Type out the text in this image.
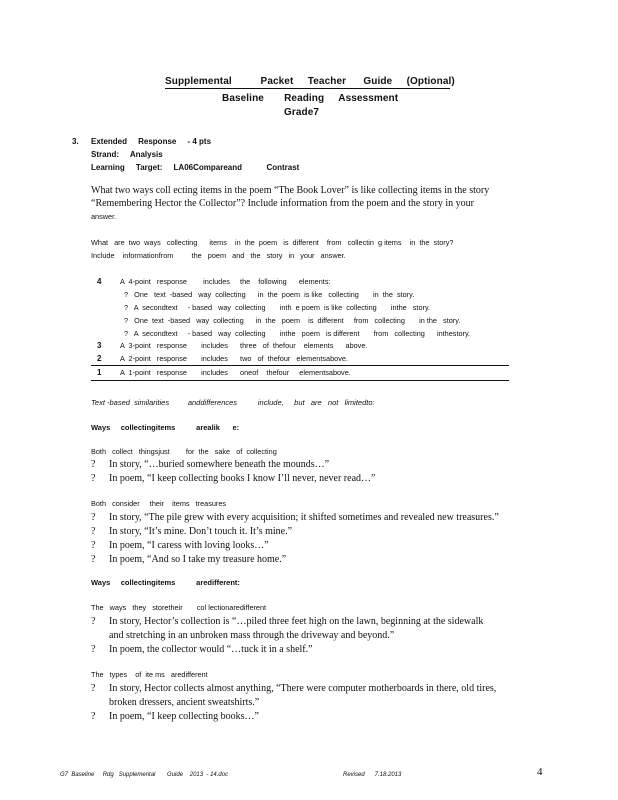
Supplemental          Packet     Teacher      Guide     (Optional)
Baseline       Reading     Assessment
Grade7
3. Extended     Response     - 4 pts
Strand:     Analysis
Learning     Target:     LA06Compareand           Contrast
What two ways coll ecting items in the poem “The Book Lover” is like collecting items in the story
“Remembering Hector the Collector”? Include information from the poem and the story in your
answer.
What   are  two  ways   collecting      items    in  the  poem   is  different    from   collectin  g items    in  the  story?
Include    informationfrom         the   poem   and   the   story   in   your   answer.
4	A  4-point   response        includes     the    following      elements:
?   One   text  -based   way  collecting      in  the  poem  is like   collecting       in  the  story.
?   A  secondtext     - based   way  collecting       inth  e poem  is like  collecting       inthe   story.
?   One  text  -based   way  collecting      in  the   poem    is  different     from   collecting       in the   story.
?   A  secondtext     - based   way  collecting       inthe   poem   is different       from   collecting      inthestory.
3	A  3-point   response       includes      three   of  thefour    elements      above.
2	A  2-point   response       includes      two   of  thefour   elementsabove.
1	A  1-point   response       includes      oneof    thefour     elementsabove.
Text -based  similarities         anddifferences          include,     but   are   not   limitedto:
Ways     collectingitems          arealik      e:
Both   collect   thingsjust        for  the   sake   of  collecting
? In story, “…buried somewhere beneath the mounds…”
? In poem, “I keep collecting books I know I’ll never, never read…”
Both   consider     their    items   treasures
? In story, “The pile grew with every acquisition; it shifted sometimes and revealed new treasures.”
? In story, “It’s mine. Don’t touch it. It’s mine.”
? In poem, “I caress with loving looks…”
? In poem, “And so I take my treasure home.”
Ways     collectingitems          aredifferent:
The   ways   they   storetheir       col lectionaredifferent
? In story, Hector’s collection is “…piled three feet high on the lawn, beginning at the sidewalk
and stretching in an unbroken mass through the driveway and beyond.”
? In poem, the collector would “…tuck it in a shelf.”
The   types    of  ite ms   aredifferent
? In story, Hector collects almost anything, “There were computer motherboards in there, old tires,
broken dressers, ancient sweatshirts.”
? In poem, “I keep collecting books…”
G7  Baseline     Rdg   Supplemental       Guide    2013  - 14.doc	Revised      7.18.2013	4
